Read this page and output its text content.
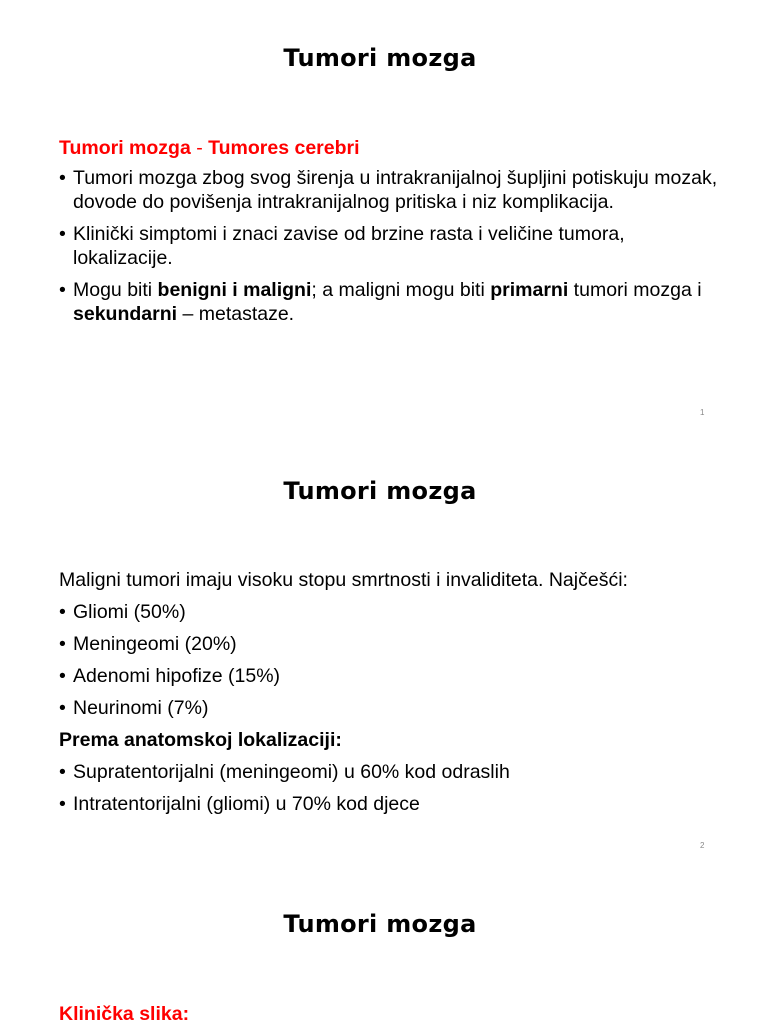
Tumori mozga
Tumori mozga - Tumores cerebri
• Tumori mozga zbog svog širenja u intrakranijalnoj šupljini potiskuju mozak, dovode do povišenja intrakranijalnog pritiska i niz komplikacija.
• Klinički simptomi i znaci zavise od brzine rasta i veličine tumora, lokalizacije.
• Mogu biti benigni i maligni; a maligni mogu biti primarni tumori mozga i sekundarni – metastaze.
1
Tumori mozga
Maligni tumori imaju visoku stopu smrtnosti i invaliditeta. Najčešći:
• Gliomi (50%)
• Meningeomi (20%)
• Adenomi hipofize (15%)
• Neurinomi (7%)
Prema anatomskoj lokalizaciji:
• Supratentorijalni (meningeomi) u 60% kod odraslih
• Intratentorijalni (gliomi) u 70% kod djece
2
Tumori mozga
Klinička slika:
